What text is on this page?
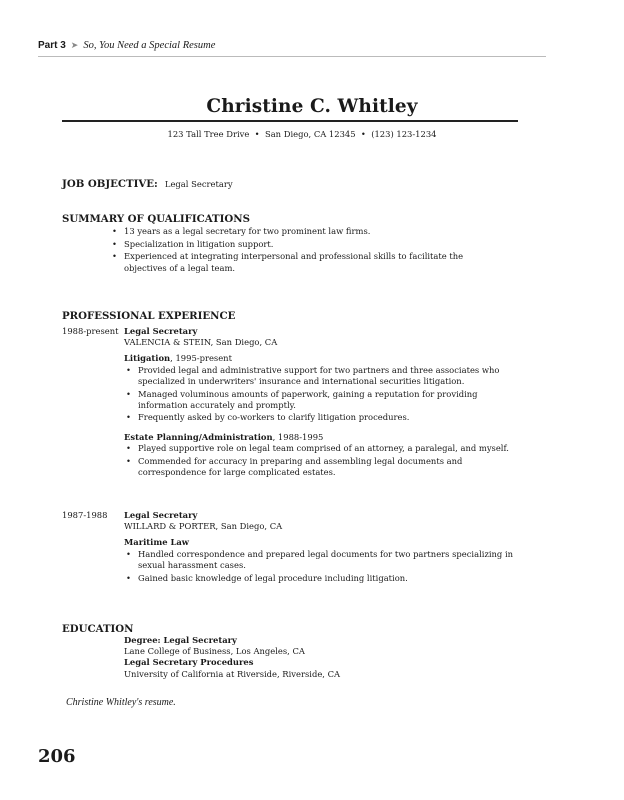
Part 3 ➤ So, You Need a Special Resume

Christine C. Whitley

123 Tall Tree Drive • San Diego, CA 12345 • (123) 123-1234
JOB OBJECTIVE: Legal Secretary

SUMMARY OF QUALIFICATIONS

• 13 years as a legal secretary for two prominent law firms.
• Specialization in litigation support.
• Experienced at integrating interpersonal and professional skills to facilitate the objectives of a legal team.

PROFESSIONAL EXPERIENCE

1988-present Legal Secretary
VALENCIA & STEIN, San Diego, CA
Litigation, 1995-present
• Provided legal and administrative support for two partners and three associates who specialized in underwriters' insurance and international securities litigation.
• Managed voluminous amounts of paperwork, gaining a reputation for providing information accurately and promptly.
• Frequently asked by co-workers to clarify litigation procedures.
Estate Planning/Administration, 1988-1995
• Played supportive role on legal team comprised of an attorney, a paralegal, and myself.
• Commended for accuracy in preparing and assembling legal documents and correspondence for large complicated estates.
1987-1988 Legal Secretary
WILLARD & PORTER, San Diego, CA
Maritime Law
• Handled correspondence and prepared legal documents for two partners specializing in sexual harassment cases.
• Gained basic knowledge of legal procedure including litigation.

EDUCATION

Degree: Legal Secretary
Lane College of Business, Los Angeles, CA
Legal Secretary Procedures
University of California at Riverside, Riverside, CA
Christine Whitley's resume.
206
